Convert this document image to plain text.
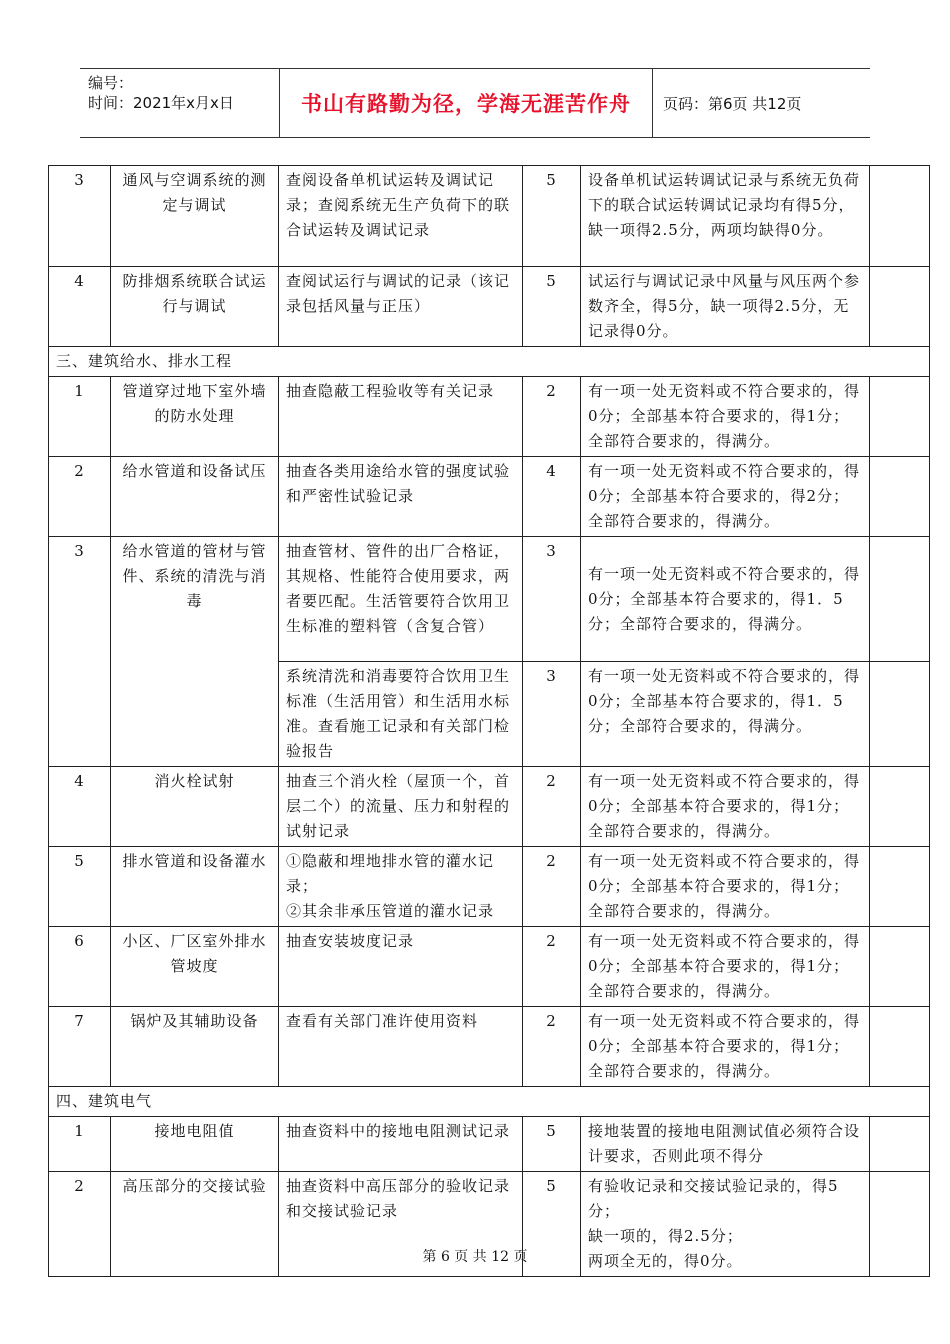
编号：
时间：2021年x月x日	书山有路勤为径，学海无涯苦作舟	页码：第6页 共12页
3	通风与空调系统的测定与调试	查阅设备单机试运转及调试记录；查阅系统无生产负荷下的联合试运转及调试记录	5	设备单机试运转调试记录与系统无负荷下的联合试运转调试记录均有得5分，缺一项得2.5分，两项均缺得0分。	
4	防排烟系统联合试运行与调试	查阅试运行与调试的记录（该记录包括风量与正压）	5	试运行与调试记录中风量与风压两个参数齐全，得5分，缺一项得2.5分，无记录得0分。	
三、建筑给水、排水工程					
1	管道穿过地下室外墙的防水处理	抽查隐蔽工程验收等有关记录	2	有一项一处无资料或不符合要求的，得0分；全部基本符合要求的，得1分；全部符合要求的，得满分。	
2	给水管道和设备试压	抽查各类用途给水管的强度试验和严密性试验记录	4	有一项一处无资料或不符合要求的，得0分；全部基本符合要求的，得2分；全部符合要求的，得满分。	
3	给水管道的管材与管件、系统的清洗与消毒	抽查管材、管件的出厂合格证，其规格、性能符合使用要求，两者要匹配。生活管要符合饮用卫生标准的塑料管（含复合管）	3	有一项一处无资料或不符合要求的，得0分；全部基本符合要求的，得1．5分；全部符合要求的，得满分。	
		系统清洗和消毒要符合饮用卫生标准（生活用管）和生活用水标准。查看施工记录和有关部门检验报告	3	有一项一处无资料或不符合要求的，得0分；全部基本符合要求的，得1．5分；全部符合要求的，得满分。	
4	消火栓试射	抽查三个消火栓（屋顶一个，首层二个）的流量、压力和射程的试射记录	2	有一项一处无资料或不符合要求的，得0分；全部基本符合要求的，得1分；全部符合要求的，得满分。	
5	排水管道和设备灌水	①隐蔽和埋地排水管的灌水记录；
②其余非承压管道的灌水记录	2	有一项一处无资料或不符合要求的，得0分；全部基本符合要求的，得1分；全部符合要求的，得满分。	
6	小区、厂区室外排水管坡度	抽查安装坡度记录	2	有一项一处无资料或不符合要求的，得0分；全部基本符合要求的，得1分；全部符合要求的，得满分。	
7	锅炉及其辅助设备	查看有关部门准许使用资料	2	有一项一处无资料或不符合要求的，得0分；全部基本符合要求的，得1分；全部符合要求的，得满分。	
四、建筑电气					
1	接地电阻值	抽查资料中的接地电阻测试记录	5	接地装置的接地电阻测试值必须符合设计要求，否则此项不得分	
2	高压部分的交接试验	抽查资料中高压部分的验收记录和交接试验记录	5	有验收记录和交接试验记录的，得5分；
缺一项的，得2.5分；
两项全无的，得0分。	

第 6 页 共 12 页
